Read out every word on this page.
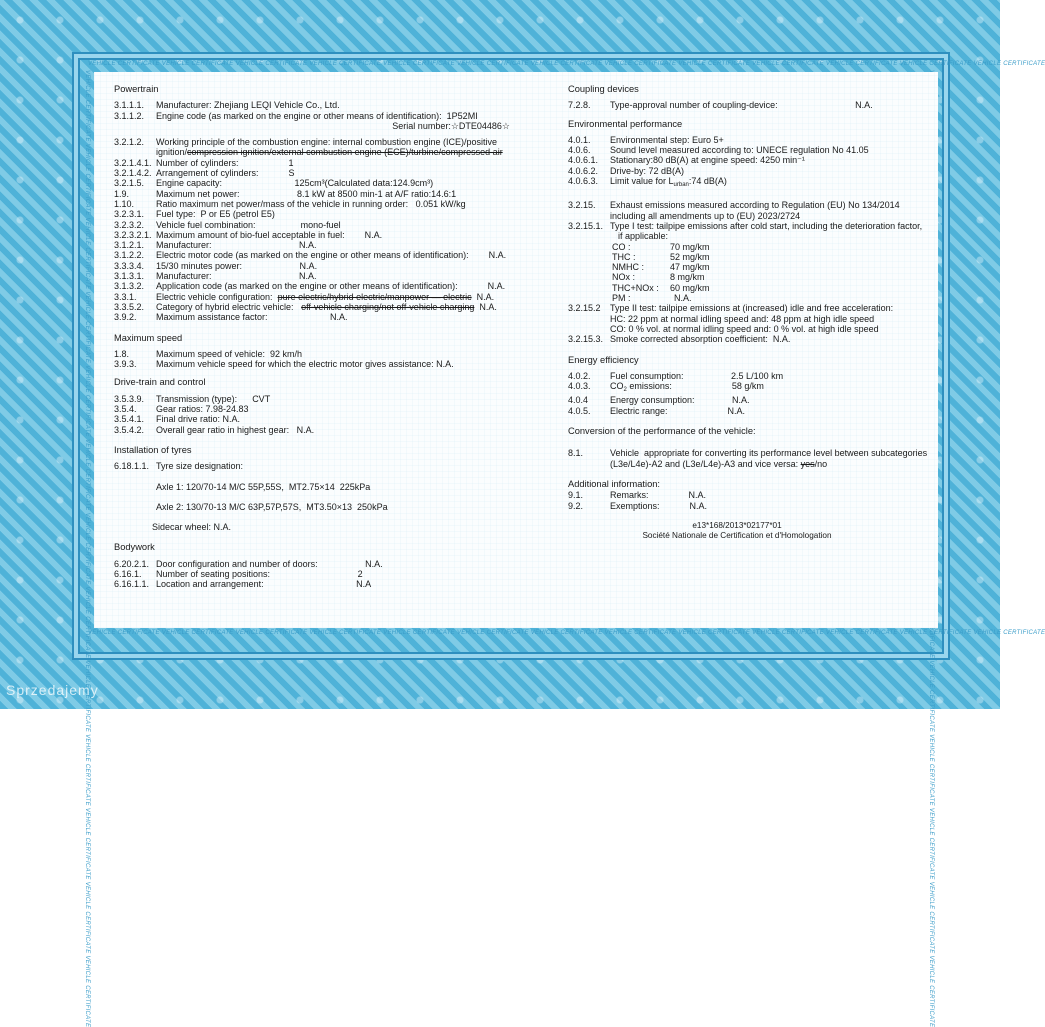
VEHICLE CERTIFICATE VEHICLE CERTIFICATE VEHICLE CERTIFICATE VEHICLE CERTIFICATE VEHICLE CERTIFICATE VEHICLE CERTIFICATE VEHICLE CERTIFICATE VEHICLE CERTIFICATE VEHICLE CERTIFICATE VEHICLE CERTIFICATE VEHICLE CERTIFICATE VEHICLE CERTIFICATE VEHICLE CERTIFICATE
VEHICLE CERTIFICATE VEHICLE CERTIFICATE VEHICLE CERTIFICATE VEHICLE CERTIFICATE VEHICLE CERTIFICATE VEHICLE CERTIFICATE VEHICLE CERTIFICATE VEHICLE CERTIFICATE VEHICLE CERTIFICATE VEHICLE CERTIFICATE VEHICLE CERTIFICATE VEHICLE CERTIFICATE VEHICLE CERTIFICATE
VEHICLE CERTIFICATE VEHICLE CERTIFICATE VEHICLE CERTIFICATE VEHICLE CERTIFICATE VEHICLE CERTIFICATE VEHICLE CERTIFICATE VEHICLE CERTIFICATE VEHICLE CERTIFICATE VEHICLE CERTIFICATE VEHICLE CERTIFICATE VEHICLE CERTIFICATE VEHICLE CERTIFICATE VEHICLE CERTIFICATE	Powertrain
3.1.1.1.	Manufacturer: Zhejiang LEQI Vehicle Co., Ltd.
3.1.1.2.	Engine code (as marked on the engine or other means of identification):  1P52MI
Serial number:☆DTE04486☆
3.2.1.2.	Working principle of the combustion engine: internal combustion engine (ICE)/positive
ignition/compression ignition/external combustion engine (ECE)/turbine/compressed air
3.2.1.4.1. Number of cylinders:                    1
3.2.1.4.2. Arrangement of cylinders:            S
3.2.1.5.	Engine capacity:                             125cm³(Calculated data:124.9cm³)
1.9.	Maximum net power:                       8.1 kW at 8500 min-1 at A/F ratio:14.6:1
1.10.	Ratio maximum net power/mass of the vehicle in running order:   0.051 kW/kg
3.2.3.1.	Fuel type:  P or E5 (petrol E5)
3.2.3.2.	Vehicle fuel combination:                  mono-fuel
3.2.3.2.1. Maximum amount of bio-fuel acceptable in fuel:        N.A.
3.1.2.1.	Manufacturer:                                   N.A.
3.1.2.2.	Electric motor code (as marked on the engine or other means of identification):        N.A.
3.3.3.4.	15/30 minutes power:                       N.A.
3.1.3.1.	Manufacturer:                                   N.A.
3.1.3.2.	Application code (as marked on the engine or other means of identification):            N.A.
3.3.1.	Electric vehicle configuration:  pure electric/hybrid electric/manpower — electric  N.A.
3.3.5.2.	Category of hybrid electric vehicle:   off-vehicle charging/not off-vehicle charging  N.A.
3.9.2.	Maximum assistance factor:                         N.A.
Maximum speed
1.8.	Maximum speed of vehicle:  92 km/h
3.9.3.	Maximum vehicle speed for which the electric motor gives assistance: N.A.
Drive-train and control
3.5.3.9.	Transmission (type):      CVT
3.5.4.	Gear ratios: 7.98-24.83
3.5.4.1.	Final drive ratio: N.A.
3.5.4.2.	Overall gear ratio in highest gear:   N.A.
Installation of tyres
6.18.1.1. Tyre size designation:
Axle 1: 120/70-14 M/C 55P,55S,  MT2.75×14  225kPa
Axle 2: 130/70-13 M/C 63P,57P,57S,  MT3.50×13  250kPa
Sidecar wheel: N.A.
Bodywork
6.20.2.1. Door configuration and number of doors:                   N.A.
6.16.1.	Number of seating positions:                                   2
6.16.1.1. Location and arrangement:                                     N.A
Coupling devices
7.2.8.	Type-approval number of coupling-device:                               N.A.
Environmental performance
4.0.1.	Environmental step: Euro 5+
4.0.6.	Sound level measured according to: UNECE regulation No 41.05
4.0.6.1.	Stationary:80 dB(A) at engine speed: 4250 min⁻¹
4.0.6.2.	Drive-by: 72 dB(A)
4.0.6.3.	Limit value for $L_{urban}:74$ dB(A)
3.2.15.	Exhaust emissions measured according to Regulation (EU) No 134/2014
including all amendments up to (EU) 2023/2724
3.2.15.1. Type I test: tailpipe emissions after cold start, including the deterioration factor,
if applicable:
CO :	70 mg/km
THC :	52 mg/km
NMHC :	47 mg/km
NOx :	8 mg/km
THC+NOx :	60 mg/km
PM :	N.A.
3.2.15.2	Type II test: tailpipe emissions at (increased) idle and free acceleration:
HC: 22 ppm at normal idling speed and: 48 ppm at high idle speed
CO: 0 % vol. at normal idling speed and: 0 % vol. at high idle speed
3.2.15.3. Smoke corrected absorption coefficient:  N.A.
Energy efficiency
4.0.2.	Fuel consumption:                   2.5 L/100 km
4.0.3.	$CO_2$ emissions:                        58 g/km
4.0.4	Energy consumption:               N.A.
4.0.5.	Electric range:                        N.A.
Conversion of the performance of the vehicle:
8.1.	Vehicle  appropriate for converting its performance level between subcategories
(L3e/L4e)-A2 and (L3e/L4e)-A3 and vice versa: yes/no
Additional information:
9.1.	Remarks:                N.A.
9.2.	Exemptions:            N.A.
e13*168/2013*02177*01
Société Nationale de Certification et d'Homologation
Sprzedajemy
